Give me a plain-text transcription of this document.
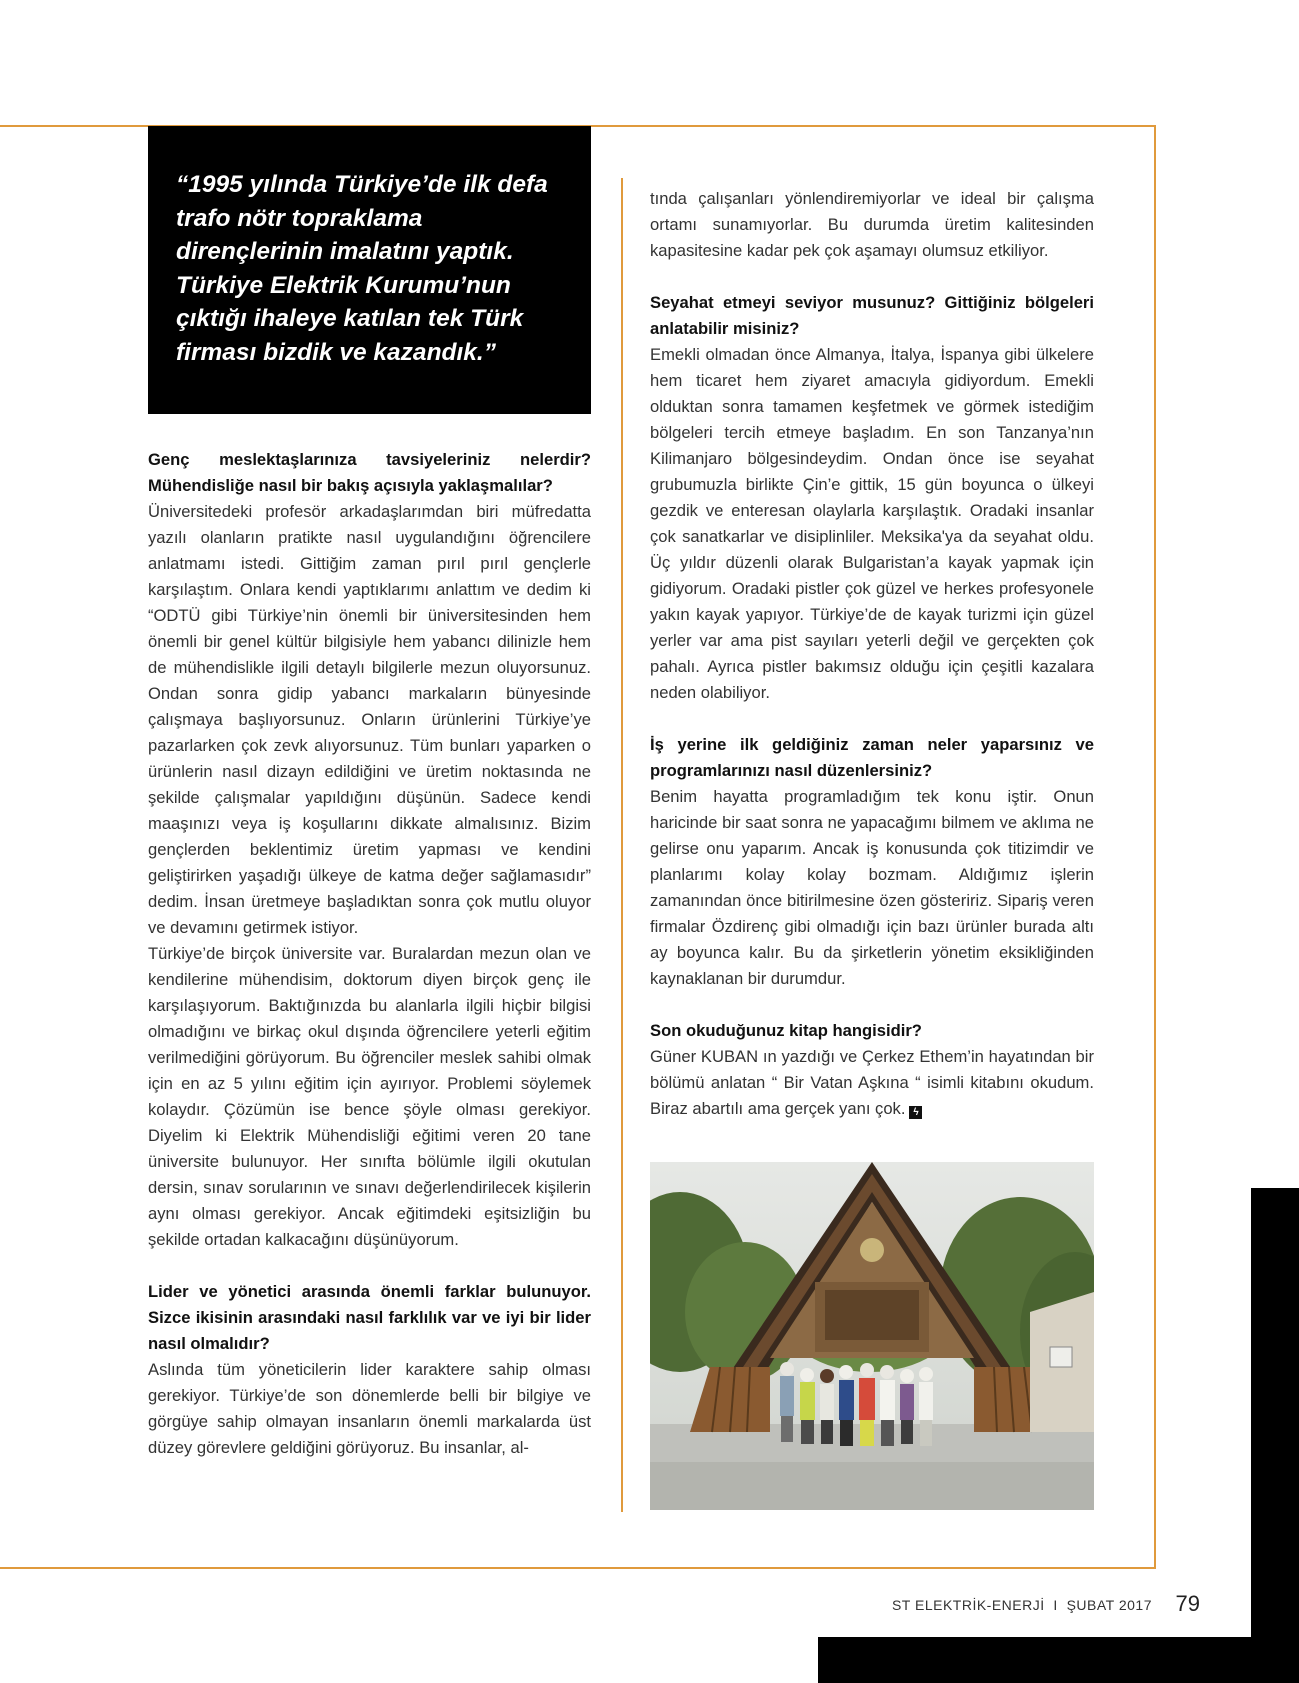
“1995 yılında Türkiye’de ilk defa trafo nötr topraklama dirençlerinin imalatını yaptık. Türkiye Elektrik Kurumu’nun çıktığı ihaleye katılan tek Türk firması bizdik ve kazandık.”

Genç meslektaşlarınıza tavsiyeleriniz nelerdir? Mühendisliğe nasıl bir bakış açısıyla yaklaşmalılar?

Üniversitedeki profesör arkadaşlarımdan biri müfredatta yazılı olanların pratikte nasıl uygulandığını öğrencilere anlatmamı istedi. Gittiğim zaman pırıl pırıl gençlerle karşılaştım. Onlara kendi yaptıklarımı anlattım ve dedim ki “ODTÜ gibi Türkiye’nin önemli bir üniversitesinden hem önemli bir genel kültür bilgisiyle hem yabancı dilinizle hem de mühendislikle ilgili detaylı bilgilerle mezun oluyorsunuz. Ondan sonra gidip yabancı markaların bünyesinde çalışmaya başlıyorsunuz. Onların ürünlerini Türkiye’ye pazarlarken çok zevk alıyorsunuz. Tüm bunları yaparken o ürünlerin nasıl dizayn edildiğini ve üretim noktasında ne şekilde çalışmalar yapıldığını düşünün. Sadece kendi maaşınızı veya iş koşullarını dikkate almalısınız. Bizim gençlerden beklentimiz üretim yapması ve kendini geliştirirken yaşadığı ülkeye de katma değer sağlamasıdır” dedim. İnsan üretmeye başladıktan sonra çok mutlu oluyor ve devamını getirmek istiyor.

Türkiye’de birçok üniversite var. Buralardan mezun olan ve kendilerine mühendisim, doktorum diyen birçok genç ile karşılaşıyorum. Baktığınızda bu alanlarla ilgili hiçbir bilgisi olmadığını ve birkaç okul dışında öğrencilere yeterli eğitim verilmediğini görüyorum. Bu öğrenciler meslek sahibi olmak için en az 5 yılını eğitim için ayırıyor. Problemi söylemek kolaydır. Çözümün ise bence şöyle olması gerekiyor. Diyelim ki Elektrik Mühendisliği eğitimi veren 20 tane üniversite bulunuyor. Her sınıfta bölümle ilgili okutulan dersin, sınav sorularının ve sınavı değerlendirilecek kişilerin aynı olması gerekiyor. Ancak eğitimdeki eşitsizliğin bu şekilde ortadan kalkacağını düşünüyorum.

Lider ve yönetici arasında önemli farklar bulunuyor. Sizce ikisinin arasındaki nasıl farklılık var ve iyi bir lider nasıl olmalıdır?

Aslında tüm yöneticilerin lider karaktere sahip olması gerekiyor. Türkiye’de son dönemlerde belli bir bilgiye ve görgüye sahip olmayan insanların önemli markalarda üst düzey görevlere geldiğini görüyoruz. Bu insanlar, al-

tında çalışanları yönlendiremiyorlar ve ideal bir çalışma ortamı sunamıyorlar. Bu durumda üretim kalitesinden kapasitesine kadar pek çok aşamayı olumsuz etkiliyor.

Seyahat etmeyi seviyor musunuz? Gittiğiniz bölgeleri anlatabilir misiniz?

Emekli olmadan önce Almanya, İtalya, İspanya gibi ülkelere hem ticaret hem ziyaret amacıyla gidiyordum. Emekli olduktan sonra tamamen keşfetmek ve görmek istediğim bölgeleri tercih etmeye başladım. En son Tanzanya’nın Kilimanjaro bölgesindeydim. Ondan önce ise seyahat grubumuzla birlikte Çin’e gittik, 15 gün boyunca o ülkeyi gezdik ve enteresan olaylarla karşılaştık. Oradaki insanlar çok sanatkarlar ve disiplinliler. Meksika'ya da seyahat oldu. Üç yıldır düzenli olarak Bulgaristan’a kayak yapmak için gidiyorum. Oradaki pistler çok güzel ve herkes profesyonele yakın kayak yapıyor. Türkiye’de de kayak turizmi için güzel yerler var ama pist sayıları yeterli değil ve gerçekten çok pahalı. Ayrıca pistler bakımsız olduğu için çeşitli kazalara neden olabiliyor.

İş yerine ilk geldiğiniz zaman neler yaparsınız ve programlarınızı nasıl düzenlersiniz?

Benim hayatta programladığım tek konu iştir. Onun haricinde bir saat sonra ne yapacağımı bilmem ve aklıma ne gelirse onu yaparım. Ancak iş konusunda çok titizimdir ve planlarımı kolay kolay bozmam. Aldığımız işlerin zamanından önce bitirilmesine özen gösteririz. Sipariş veren firmalar Özdirenç gibi olmadığı için bazı ürünler burada altı ay boyunca kalır. Bu da şirketlerin yönetim eksikliğinden kaynaklanan bir durumdur.

Son okuduğunuz kitap hangisidir?

Güner KUBAN ın yazdığı ve Çerkez Ethem’in hayatından bir bölümü anlatan “ Bir Vatan Aşkına “ isimli kitabını okudum. Biraz abartılı ama gerçek yanı çok. ϟ

ST ELEKTRİK-ENERJİ I ŞUBAT 2017 79
